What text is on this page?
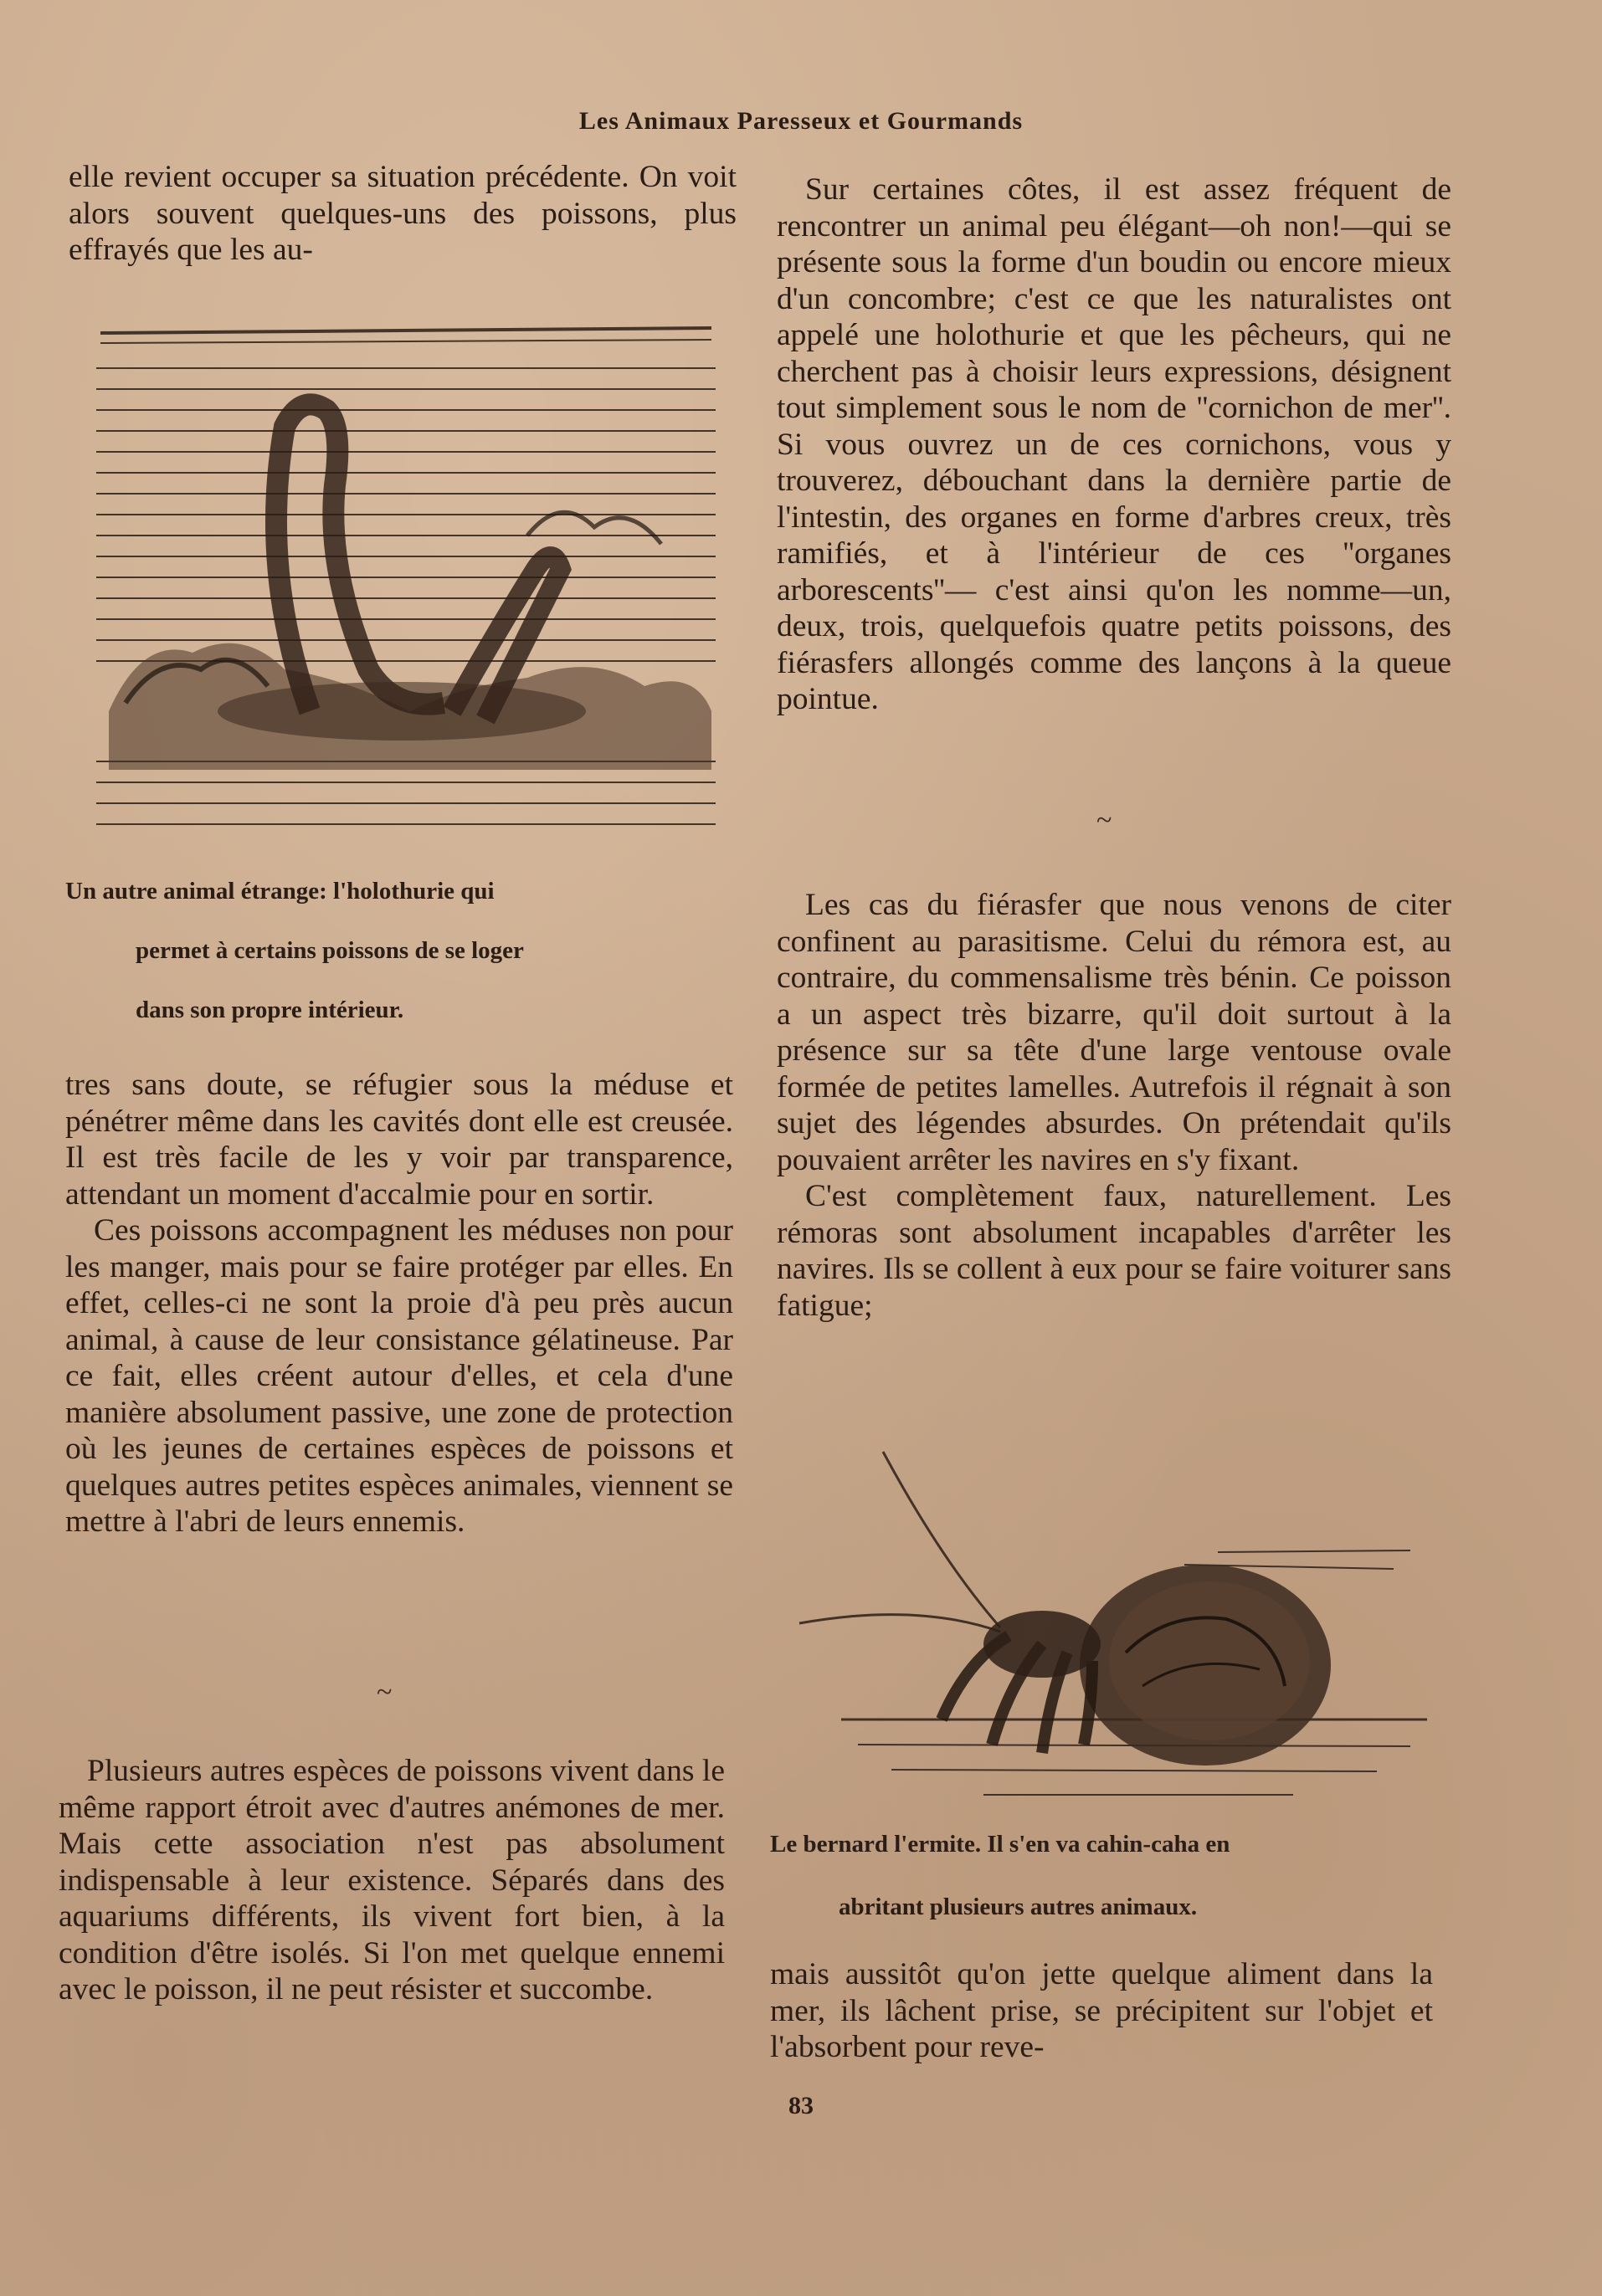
Les Animaux Paresseux et Gourmands

elle revient occuper sa situation précédente. On voit alors souvent quelques-uns des poissons, plus effrayés que les au-

Un autre animal étrange: l'holothurie qui
permet à certains poissons de se loger
dans son propre intérieur.

tres sans doute, se réfugier sous la méduse et pénétrer même dans les cavités dont elle est creusée. Il est très facile de les y voir par transparence, attendant un moment d'accalmie pour en sortir.

Ces poissons accompagnent les méduses non pour les manger, mais pour se faire protéger par elles. En effet, celles-ci ne sont la proie d'à peu près aucun animal, à cause de leur consistance gélatineuse. Par ce fait, elles créent autour d'elles, et cela d'une manière absolument passive, une zone de protection où les jeunes de certaines espèces de poissons et quelques autres petites espèces animales, viennent se mettre à l'abri de leurs ennemis.

~

Plusieurs autres espèces de poissons vivent dans le même rapport étroit avec d'autres anémones de mer. Mais cette association n'est pas absolument indispensable à leur existence. Séparés dans des aquariums différents, ils vivent fort bien, à la condition d'être isolés. Si l'on met quelque ennemi avec le poisson, il ne peut résister et succombe.

Sur certaines côtes, il est assez fréquent de rencontrer un animal peu élégant—oh non!—qui se présente sous la forme d'un boudin ou encore mieux d'un concombre; c'est ce que les naturalistes ont appelé une holothurie et que les pêcheurs, qui ne cherchent pas à choisir leurs expressions, désignent tout simplement sous le nom de ''cornichon de mer''. Si vous ouvrez un de ces cornichons, vous y trouverez, débouchant dans la dernière partie de l'intestin, des organes en forme d'arbres creux, très ramifiés, et à l'intérieur de ces ''organes arborescents''— c'est ainsi qu'on les nomme—un, deux, trois, quelquefois quatre petits poissons, des fiérasfers allongés comme des lançons à la queue pointue.

~

Les cas du fiérasfer que nous venons de citer confinent au parasitisme. Celui du rémora est, au contraire, du commensalisme très bénin. Ce poisson a un aspect très bizarre, qu'il doit surtout à la présence sur sa tête d'une large ventouse ovale formée de petites lamelles. Autrefois il régnait à son sujet des légendes absurdes. On prétendait qu'ils pouvaient arrêter les navires en s'y fixant.

C'est complètement faux, naturellement. Les rémoras sont absolument incapables d'arrêter les navires. Ils se collent à eux pour se faire voiturer sans fatigue;

Le bernard l'ermite. Il s'en va cahin-caha en
abritant plusieurs autres animaux.

mais aussitôt qu'on jette quelque aliment dans la mer, ils lâchent prise, se précipitent sur l'objet et l'absorbent pour reve-

83
